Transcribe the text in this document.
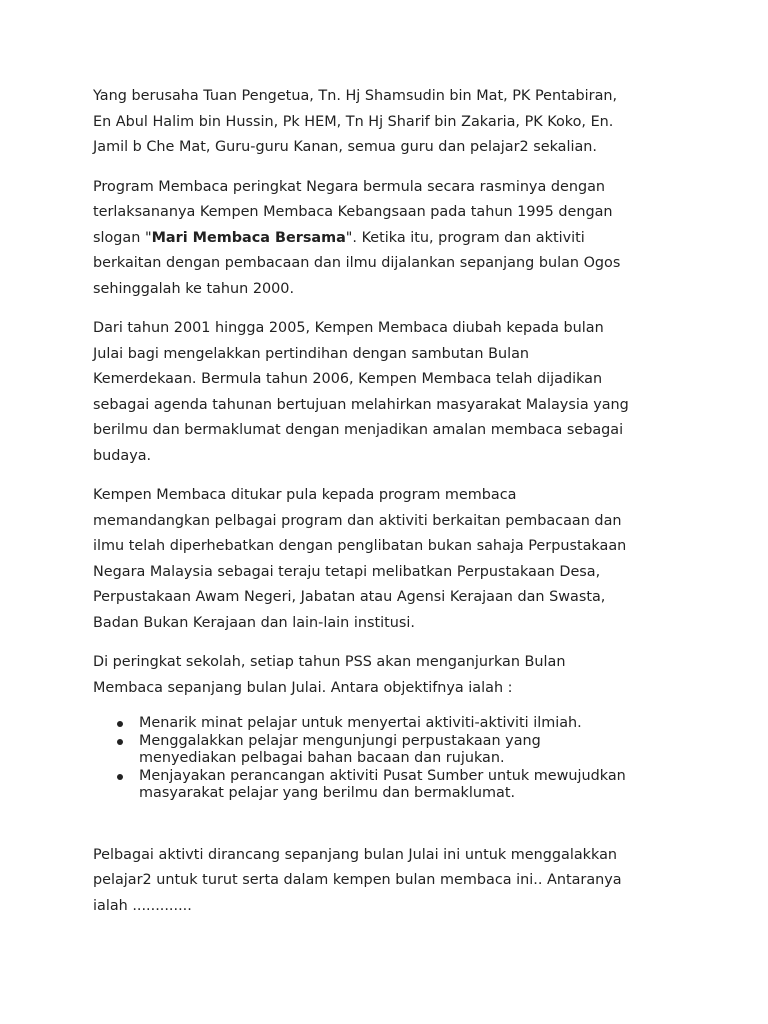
Yang berusaha Tuan Pengetua, Tn. Hj Shamsudin bin Mat, PK Pentabiran,
En Abul Halim bin Hussin, Pk HEM, Tn Hj Sharif bin Zakaria, PK Koko, En.
Jamil b Che Mat, Guru-guru Kanan, semua guru dan pelajar2 sekalian.

Program Membaca peringkat Negara bermula secara rasminya dengan
terlaksananya Kempen Membaca Kebangsaan pada tahun 1995 dengan
slogan "Mari Membaca Bersama". Ketika itu, program dan aktiviti
berkaitan dengan pembacaan dan ilmu dijalankan sepanjang bulan Ogos
sehinggalah ke tahun 2000.

Dari tahun 2001 hingga 2005, Kempen Membaca diubah kepada bulan
Julai bagi mengelakkan pertindihan dengan sambutan Bulan
Kemerdekaan. Bermula tahun 2006, Kempen Membaca telah dijadikan
sebagai agenda tahunan bertujuan melahirkan masyarakat Malaysia yang
berilmu dan bermaklumat dengan menjadikan amalan membaca sebagai
budaya.

Kempen Membaca ditukar pula kepada program membaca
memandangkan pelbagai program dan aktiviti berkaitan pembacaan dan
ilmu telah diperhebatkan dengan penglibatan bukan sahaja Perpustakaan
Negara Malaysia sebagai teraju tetapi melibatkan Perpustakaan Desa,
Perpustakaan Awam Negeri, Jabatan atau Agensi Kerajaan dan Swasta,
Badan Bukan Kerajaan dan lain-lain institusi.

Di peringkat sekolah, setiap tahun PSS akan menganjurkan Bulan
Membaca sepanjang bulan Julai. Antara objektifnya ialah :

Menarik minat pelajar untuk menyertai aktiviti-aktiviti ilmiah.
Menggalakkan pelajar mengunjungi perpustakaan yang
menyediakan pelbagai bahan bacaan dan rujukan.
Menjayakan perancangan aktiviti Pusat Sumber untuk mewujudkan
masyarakat pelajar yang berilmu dan bermaklumat.

Pelbagai aktivti dirancang sepanjang bulan Julai ini untuk menggalakkan
pelajar2 untuk turut serta dalam kempen bulan membaca ini.. Antaranya
ialah .............
